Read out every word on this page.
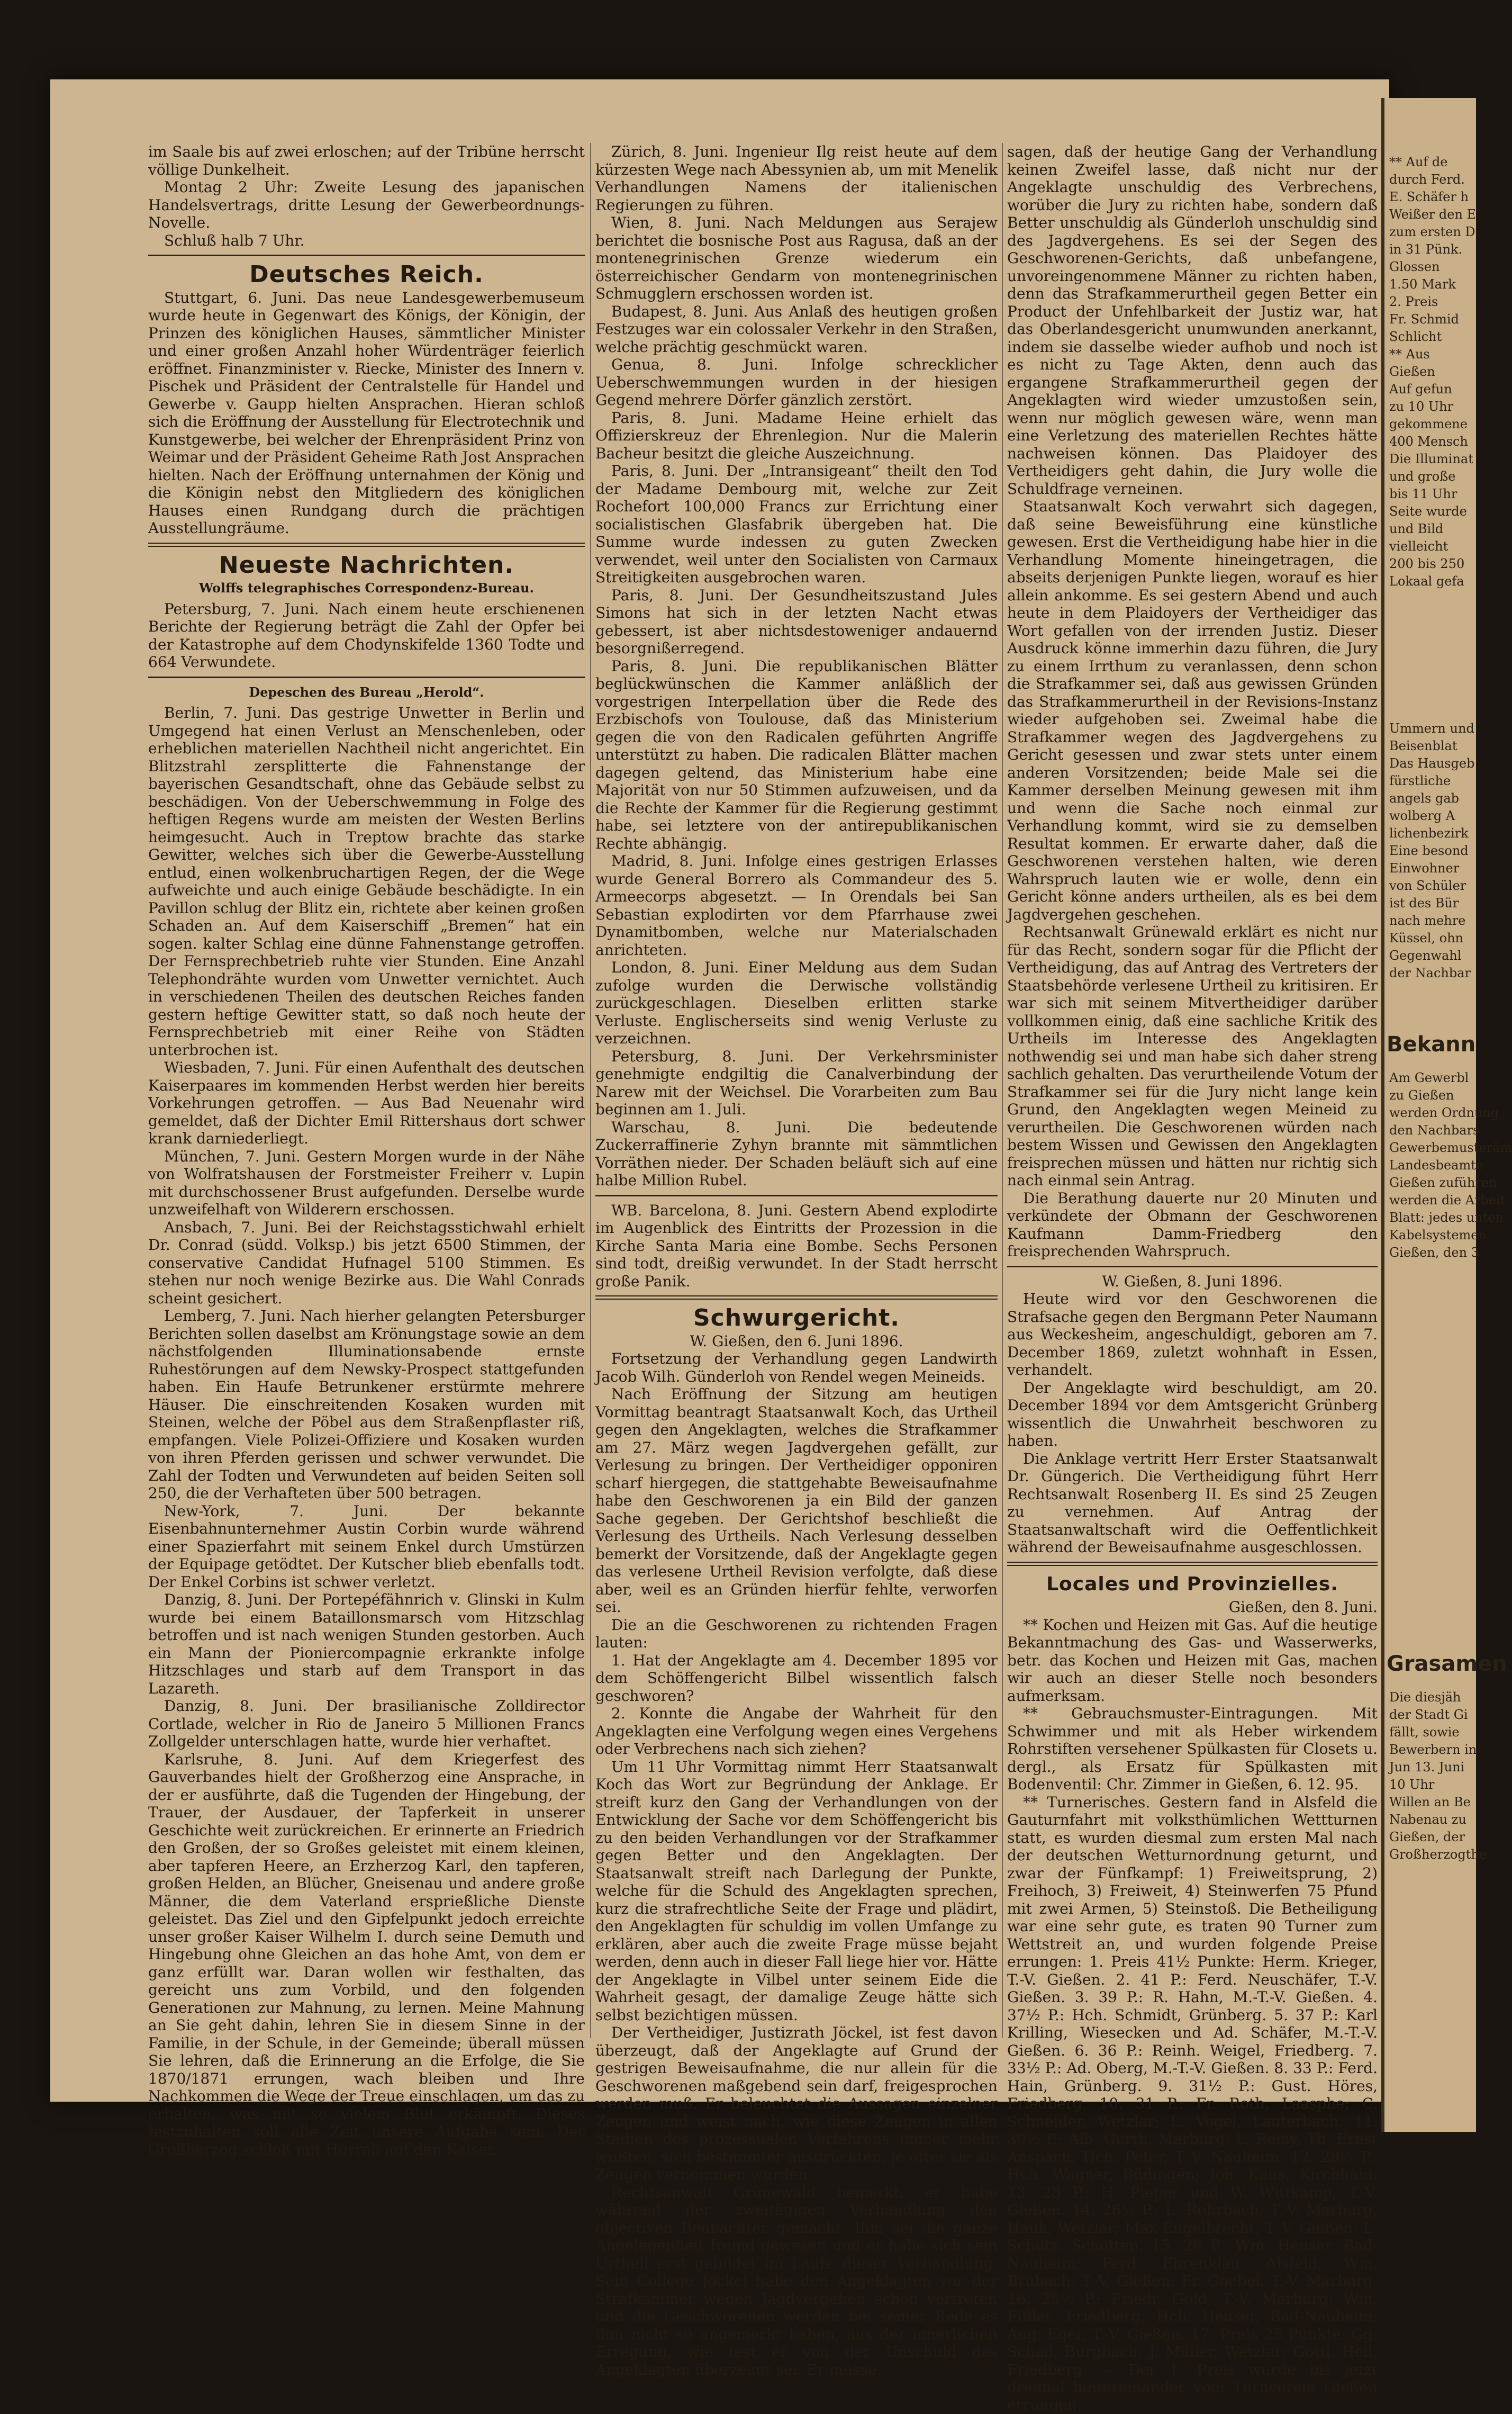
im Saale bis auf zwei erloschen; auf der Tribüne herrscht völlige Dunkelheit.

Montag 2 Uhr: Zweite Lesung des japanischen Handelsvertrags, dritte Lesung der Gewerbeordnungs-Novelle.

Schluß halb 7 Uhr.

Deutsches Reich.

Stuttgart, 6. Juni. Das neue Landesgewerbemuseum wurde heute in Gegenwart des Königs, der Königin, der Prinzen des königlichen Hauses, sämmtlicher Minister und einer großen Anzahl hoher Würdenträger feierlich eröffnet. Finanzminister v. Riecke, Minister des Innern v. Pischek und Präsident der Centralstelle für Handel und Gewerbe v. Gaupp hielten Ansprachen. Hieran schloß sich die Eröffnung der Ausstellung für Electrotechnik und Kunstgewerbe, bei welcher der Ehrenpräsident Prinz von Weimar und der Präsident Geheime Rath Jost Ansprachen hielten. Nach der Eröffnung unternahmen der König und die Königin nebst den Mitgliedern des königlichen Hauses einen Rundgang durch die prächtigen Ausstellungräume.

Neueste Nachrichten.
Wolffs telegraphisches Correspondenz-Bureau.

Petersburg, 7. Juni. Nach einem heute erschienenen Berichte der Regierung beträgt die Zahl der Opfer bei der Katastrophe auf dem Chodynskifelde 1360 Todte und 664 Verwundete.

Depeschen des Bureau „Herold“.

Berlin, 7. Juni. Das gestrige Unwetter in Berlin und Umgegend hat einen Verlust an Menschenleben, oder erheblichen materiellen Nachtheil nicht angerichtet. Ein Blitzstrahl zersplitterte die Fahnenstange der bayerischen Gesandtschaft, ohne das Gebäude selbst zu beschädigen. Von der Ueberschwemmung in Folge des heftigen Regens wurde am meisten der Westen Berlins heimgesucht. Auch in Treptow brachte das starke Gewitter, welches sich über die Gewerbe-Ausstellung entlud, einen wolkenbruchartigen Regen, der die Wege aufweichte und auch einige Gebäude beschädigte. In ein Pavillon schlug der Blitz ein, richtete aber keinen großen Schaden an. Auf dem Kaiserschiff „Bremen“ hat ein sogen. kalter Schlag eine dünne Fahnenstange getroffen. Der Fernsprechbetrieb ruhte vier Stunden. Eine Anzahl Telephondrähte wurden vom Unwetter vernichtet. Auch in verschiedenen Theilen des deutschen Reiches fanden gestern heftige Gewitter statt, so daß noch heute der Fernsprechbetrieb mit einer Reihe von Städten unterbrochen ist.

Wiesbaden, 7. Juni. Für einen Aufenthalt des deutschen Kaiserpaares im kommenden Herbst werden hier bereits Vorkehrungen getroffen. — Aus Bad Neuenahr wird gemeldet, daß der Dichter Emil Rittershaus dort schwer krank darniederliegt.

München, 7. Juni. Gestern Morgen wurde in der Nähe von Wolfratshausen der Forstmeister Freiherr v. Lupin mit durchschossener Brust aufgefunden. Derselbe wurde unzweifelhaft von Wilderern erschossen.

Ansbach, 7. Juni. Bei der Reichstagsstichwahl erhielt Dr. Conrad (südd. Volksp.) bis jetzt 6500 Stimmen, der conservative Candidat Hufnagel 5100 Stimmen. Es stehen nur noch wenige Bezirke aus. Die Wahl Conrads scheint gesichert.

Lemberg, 7. Juni. Nach hierher gelangten Petersburger Berichten sollen daselbst am Krönungstage sowie an dem nächstfolgenden Illuminationsabende ernste Ruhestörungen auf dem Newsky-Prospect stattgefunden haben. Ein Haufe Betrunkener erstürmte mehrere Häuser. Die einschreitenden Kosaken wurden mit Steinen, welche der Pöbel aus dem Straßenpflaster riß, empfangen. Viele Polizei-Offiziere und Kosaken wurden von ihren Pferden gerissen und schwer verwundet. Die Zahl der Todten und Verwundeten auf beiden Seiten soll 250, die der Verhafteten über 500 betragen.

New-York, 7. Juni. Der bekannte Eisenbahnunternehmer Austin Corbin wurde während einer Spazierfahrt mit seinem Enkel durch Umstürzen der Equipage getödtet. Der Kutscher blieb ebenfalls todt. Der Enkel Corbins ist schwer verletzt.

Danzig, 8. Juni. Der Portepéfähnrich v. Glinski in Kulm wurde bei einem Bataillonsmarsch vom Hitzschlag betroffen und ist nach wenigen Stunden gestorben. Auch ein Mann der Pioniercompagnie erkrankte infolge Hitzschlages und starb auf dem Transport in das Lazareth.

Danzig, 8. Juni. Der brasilianische Zolldirector Cortlade, welcher in Rio de Janeiro 5 Millionen Francs Zollgelder unterschlagen hatte, wurde hier verhaftet.

Karlsruhe, 8. Juni. Auf dem Kriegerfest des Gauverbandes hielt der Großherzog eine Ansprache, in der er ausführte, daß die Tugenden der Hingebung, der Trauer, der Ausdauer, der Tapferkeit in unserer Geschichte weit zurückreichen. Er erinnerte an Friedrich den Großen, der so Großes geleistet mit einem kleinen, aber tapferen Heere, an Erzherzog Karl, den tapferen, großen Helden, an Blücher, Gneisenau und andere große Männer, die dem Vaterland ersprießliche Dienste geleistet. Das Ziel und den Gipfelpunkt jedoch erreichte unser großer Kaiser Wilhelm I. durch seine Demuth und Hingebung ohne Gleichen an das hohe Amt, von dem er ganz erfüllt war. Daran wollen wir festhalten, das gereicht uns zum Vorbild, und den folgenden Generationen zur Mahnung, zu lernen. Meine Mahnung an Sie geht dahin, lehren Sie in diesem Sinne in der Familie, in der Schule, in der Gemeinde; überall müssen Sie lehren, daß die Erinnerung an die Erfolge, die Sie 1870/1871 errungen, wach bleiben und Ihre Nachkommen die Wege der Treue einschlagen, um das zu erhalten, was mit so vielem Blut erkämpft. Dieses festzuhalten soll alle Zeit unsere Aufgabe sein. Der Großherzog schloß mit Hurrah auf den Kaiser.

Zürich, 8. Juni. Ingenieur Ilg reist heute auf dem kürzesten Wege nach Abessynien ab, um mit Menelik Verhandlungen Namens der italienischen Regierungen zu führen.

Wien, 8. Juni. Nach Meldungen aus Serajew berichtet die bosnische Post aus Ragusa, daß an der montenegrinischen Grenze wiederum ein österreichischer Gendarm von montenegrinischen Schmugglern erschossen worden ist.

Budapest, 8. Juni. Aus Anlaß des heutigen großen Festzuges war ein colossaler Verkehr in den Straßen, welche prächtig geschmückt waren.

Genua, 8. Juni. Infolge schrecklicher Ueberschwemmungen wurden in der hiesigen Gegend mehrere Dörfer gänzlich zerstört.

Paris, 8. Juni. Madame Heine erhielt das Offizierskreuz der Ehrenlegion. Nur die Malerin Bacheur besitzt die gleiche Auszeichnung.

Paris, 8. Juni. Der „Intransigeant“ theilt den Tod der Madame Dembourg mit, welche zur Zeit Rochefort 100,000 Francs zur Errichtung einer socialistischen Glasfabrik übergeben hat. Die Summe wurde indessen zu guten Zwecken verwendet, weil unter den Socialisten von Carmaux Streitigkeiten ausgebrochen waren.

Paris, 8. Juni. Der Gesundheitszustand Jules Simons hat sich in der letzten Nacht etwas gebessert, ist aber nichtsdestoweniger andauernd besorgnißerregend.

Paris, 8. Juni. Die republikanischen Blätter beglückwünschen die Kammer anläßlich der vorgestrigen Interpellation über die Rede des Erzbischofs von Toulouse, daß das Ministerium gegen die von den Radicalen geführten Angriffe unterstützt zu haben. Die radicalen Blätter machen dagegen geltend, das Ministerium habe eine Majorität von nur 50 Stimmen aufzuweisen, und da die Rechte der Kammer für die Regierung gestimmt habe, sei letztere von der antirepublikanischen Rechte abhängig.

Madrid, 8. Juni. Infolge eines gestrigen Erlasses wurde General Borrero als Commandeur des 5. Armeecorps abgesetzt. — In Orendals bei San Sebastian explodirten vor dem Pfarrhause zwei Dynamitbomben, welche nur Materialschaden anrichteten.

London, 8. Juni. Einer Meldung aus dem Sudan zufolge wurden die Derwische vollständig zurückgeschlagen. Dieselben erlitten starke Verluste. Englischerseits sind wenig Verluste zu verzeichnen.

Petersburg, 8. Juni. Der Verkehrsminister genehmigte endgiltig die Canalverbindung der Narew mit der Weichsel. Die Vorarbeiten zum Bau beginnen am 1. Juli.

Warschau, 8. Juni. Die bedeutende Zuckerraffinerie Zyhyn brannte mit sämmtlichen Vorräthen nieder. Der Schaden beläuft sich auf eine halbe Million Rubel.

WB. Barcelona, 8. Juni. Gestern Abend explodirte im Augenblick des Eintritts der Prozession in die Kirche Santa Maria eine Bombe. Sechs Personen sind todt, dreißig verwundet. In der Stadt herrscht große Panik.

Schwurgericht.
W. Gießen, den 6. Juni 1896.

Fortsetzung der Verhandlung gegen Landwirth Jacob Wilh. Günderloh von Rendel wegen Meineids.

Nach Eröffnung der Sitzung am heutigen Vormittag beantragt Staatsanwalt Koch, das Urtheil gegen den Angeklagten, welches die Strafkammer am 27. März wegen Jagdvergehen gefällt, zur Verlesung zu bringen. Der Vertheidiger opponiren scharf hiergegen, die stattgehabte Beweisaufnahme habe den Geschworenen ja ein Bild der ganzen Sache gegeben. Der Gerichtshof beschließt die Verlesung des Urtheils. Nach Verlesung desselben bemerkt der Vorsitzende, daß der Angeklagte gegen das verlesene Urtheil Revision verfolgte, daß diese aber, weil es an Gründen hierfür fehlte, verworfen sei.

Die an die Geschworenen zu richtenden Fragen lauten:

1. Hat der Angeklagte am 4. December 1895 vor dem Schöffengericht Bilbel wissentlich falsch geschworen?

2. Konnte die Angabe der Wahrheit für den Angeklagten eine Verfolgung wegen eines Vergehens oder Verbrechens nach sich ziehen?

Um 11 Uhr Vormittag nimmt Herr Staatsanwalt Koch das Wort zur Begründung der Anklage. Er streift kurz den Gang der Verhandlungen von der Entwicklung der Sache vor dem Schöffengericht bis zu den beiden Verhandlungen vor der Strafkammer gegen Better und den Angeklagten. Der Staatsanwalt streift nach Darlegung der Punkte, welche für die Schuld des Angeklagten sprechen, kurz die strafrechtliche Seite der Frage und plädirt, den Angeklagten für schuldig im vollen Umfange zu erklären, aber auch die zweite Frage müsse bejaht werden, denn auch in dieser Fall liege hier vor. Hätte der Angeklagte in Vilbel unter seinem Eide die Wahrheit gesagt, der damalige Zeuge hätte sich selbst bezichtigen müssen.

Der Vertheidiger, Justizrath Jöckel, ist fest davon überzeugt, daß der Angeklagte auf Grund der gestrigen Beweisaufnahme, die nur allein für die Geschworenen maßgebend sein darf, freigesprochen werden muß. Er beleuchtet die Aussagen einzelner Zeugen und weist nach, wie diese Zeugen in allen Stadien des prozessualen Verfahrens immer mehr wußten, sich bestimmter ausdrückten, je öfter sie als Zeugen vernommen wurden.

Rechtsanwalt Grünewald bemerkt, er habe während der zweitägigen Verhandlung den objectiven Beobachter gemacht. Ihm sei die ganze Angelegenheit fremd gewesen und er habe sich sein Urtheil erst gebildet im Laufe dieser Verhandlung. Sein College Jöckel habe den Angeklagten vor der Strafkammer wegen Jagdvergehen schon vertreten und die Geschworenen werden bei seiner Rede es ihm nicht so angemerkt haben, aus der innerlichen Erregung, wie fest er von der Unschuld des Angeklagten überzeugt sei. Er müsse

sagen, daß der heutige Gang der Verhandlung keinen Zweifel lasse, daß nicht nur der Angeklagte unschuldig des Verbrechens, worüber die Jury zu richten habe, sondern daß Better unschuldig als Günderloh unschuldig sind des Jagdvergehens. Es sei der Segen des Geschworenen-Gerichts, daß unbefangene, unvoreingenommene Männer zu richten haben, denn das Strafkammerurtheil gegen Better ein Product der Unfehlbarkeit der Justiz war, hat das Oberlandesgericht unumwunden anerkannt, indem sie dasselbe wieder aufhob und noch ist es nicht zu Tage Akten, denn auch das ergangene Strafkammerurtheil gegen der Angeklagten wird wieder umzustoßen sein, wenn nur möglich gewesen wäre, wenn man eine Verletzung des materiellen Rechtes hätte nachweisen können. Das Plaidoyer des Vertheidigers geht dahin, die Jury wolle die Schuldfrage verneinen.

Staatsanwalt Koch verwahrt sich dagegen, daß seine Beweisführung eine künstliche gewesen. Erst die Vertheidigung habe hier in die Verhandlung Momente hineingetragen, die abseits derjenigen Punkte liegen, worauf es hier allein ankomme. Es sei gestern Abend und auch heute in dem Plaidoyers der Vertheidiger das Wort gefallen von der irrenden Justiz. Dieser Ausdruck könne immerhin dazu führen, die Jury zu einem Irrthum zu veranlassen, denn schon die Strafkammer sei, daß aus gewissen Gründen das Strafkammerurtheil in der Revisions-Instanz wieder aufgehoben sei. Zweimal habe die Strafkammer wegen des Jagdvergehens zu Gericht gesessen und zwar stets unter einem anderen Vorsitzenden; beide Male sei die Kammer derselben Meinung gewesen mit ihm und wenn die Sache noch einmal zur Verhandlung kommt, wird sie zu demselben Resultat kommen. Er erwarte daher, daß die Geschworenen verstehen halten, wie deren Wahrspruch lauten wie er wolle, denn ein Gericht könne anders urtheilen, als es bei dem Jagdvergehen geschehen.

Rechtsanwalt Grünewald erklärt es nicht nur für das Recht, sondern sogar für die Pflicht der Vertheidigung, das auf Antrag des Vertreters der Staatsbehörde verlesene Urtheil zu kritisiren. Er war sich mit seinem Mitvertheidiger darüber vollkommen einig, daß eine sachliche Kritik des Urtheils im Interesse des Angeklagten nothwendig sei und man habe sich daher streng sachlich gehalten. Das verurtheilende Votum der Strafkammer sei für die Jury nicht lange kein Grund, den Angeklagten wegen Meineid zu verurtheilen. Die Geschworenen würden nach bestem Wissen und Gewissen den Angeklagten freisprechen müssen und hätten nur richtig sich nach einmal sein Antrag.

Die Berathung dauerte nur 20 Minuten und verkündete der Obmann der Geschworenen Kaufmann Damm-Friedberg den freisprechenden Wahrspruch.

W. Gießen, 8. Juni 1896.

Heute wird vor den Geschworenen die Strafsache gegen den Bergmann Peter Naumann aus Weckesheim, angeschuldigt, geboren am 7. December 1869, zuletzt wohnhaft in Essen, verhandelt.

Der Angeklagte wird beschuldigt, am 20. December 1894 vor dem Amtsgericht Grünberg wissentlich die Unwahrheit beschworen zu haben.

Die Anklage vertritt Herr Erster Staatsanwalt Dr. Güngerich. Die Vertheidigung führt Herr Rechtsanwalt Rosenberg II. Es sind 25 Zeugen zu vernehmen. Auf Antrag der Staatsanwaltschaft wird die Oeffentlichkeit während der Beweisaufnahme ausgeschlossen.

Locales und Provinzielles.
Gießen, den 8. Juni.

** Kochen und Heizen mit Gas. Auf die heutige Bekanntmachung des Gas- und Wasserwerks, betr. das Kochen und Heizen mit Gas, machen wir auch an dieser Stelle noch besonders aufmerksam.

** Gebrauchsmuster-Eintragungen. Mit Schwimmer und mit als Heber wirkendem Rohrstiften versehener Spülkasten für Closets u. dergl., als Ersatz für Spülkasten mit Bodenventil: Chr. Zimmer in Gießen, 6. 12. 95.

** Turnerisches. Gestern fand in Alsfeld die Gauturnfahrt mit volksthümlichen Wettturnen statt, es wurden diesmal zum ersten Mal nach der deutschen Wetturnordnung geturnt, und zwar der Fünfkampf: 1) Freiweitsprung, 2) Freihoch, 3) Freiweit, 4) Steinwerfen 75 Pfund mit zwei Armen, 5) Steinstoß. Die Betheiligung war eine sehr gute, es traten 90 Turner zum Wettstreit an, und wurden folgende Preise errungen: 1. Preis 41½ Punkte: Herm. Krieger, T.-V. Gießen. 2. 41 P.: Ferd. Neuschäfer, T.-V. Gießen. 3. 39 P.: R. Hahn, M.-T.-V. Gießen. 4. 37½ P.: Hch. Schmidt, Grünberg. 5. 37 P.: Karl Krilling, Wiesecken und Ad. Schäfer, M.-T.-V. Gießen. 6. 36 P.: Reinh. Weigel, Friedberg. 7. 33½ P.: Ad. Oberg, M.-T.-V. Gießen. 8. 33 P.: Ferd. Hain, Grünberg. 9. 31½ P.: Gust. Höres, Friedberg. 10. 31 P.: Fr. Roth, Laasphe; C. Schneider, Wetzlar; L. Vogel, Lauterbach. 11. 30½ P.: Alb. Gurth, Marburg; L. Remy, Th. Ernst Anspach, Hch. Peter, T.-V. Nauheim. 12. 28½ P.: Hch. Wagner, Büdingen; Joh. Kaus, Kirchhain. 13. 28 P.: H. Pieper und W. Wittkamp, T.-V. Gießen. 14. 26½ P.: L. Rohrbach, T.-V. Marburg, Hauk, Wetzlar; Max Engelbrecht, T.-V. Gießen; L. Schütz, Schotten. 15. 26 P.: Wm. Heuser, Bad-Nauheim; Ferd. Ehrenklau, Alsfeld; Wm. Brübach, T.-V. Gießen; Fr. Goebel, T.-V. Marburg. 16. 25½ P.: Friedr. Gold, T.-V. Marburg; Wm. Füller, Friedberg; Hch. Heuser, Bad-Nauheim; Aug. Eger, T.-V. Gießen. 17. Preis 25 Punkte: Gg. Schad, Burgbach; J. Müller, Wetzlar; Gottl. Heil, Friedberg. — Der 1. Preis wurde bis jetzt dreimal hintereinander vom Turnverein Gießen errungen.

** Auf de
durch Ferd.
E. Schäfer h
Weißer den E
zum ersten D
in 31 Pünk.
Glossen
1.50 Mark
2. Preis
Fr. Schmid
Schlicht
** Aus
Gießen
Auf gefun
zu 10 Uhr
gekommene
400 Mensch
Die Illuminat
und große
bis 11 Uhr
Seite wurde
und Bild
vielleicht
200 bis 250
Lokaal gefa
Ummern und
Beisenblat
Das Hausgeb
fürstliche
angels gab
wolberg A
lichenbezirk
Eine besond
Einwohner
von Schüler
ist des Bür
nach mehre
Küssel, ohn
Gegenwahl
der Nachbar
Bekann
Am Gewerbl
zu Gießen
werden Ordnung
den Nachbars
Gewerbemusteräm
Landesbeamte
Gießen zuführen
werden die Arbeit
Blatt: jedes unten
Kabelsystemen
Gießen, den 3
Grasamen
Die diesjäh
der Stadt Gi
fällt, sowie
Bewerbern in
Jun 13. Juni
10 Uhr
Willen an Be
Nabenau zu
Gießen, der
Großherzogthe
